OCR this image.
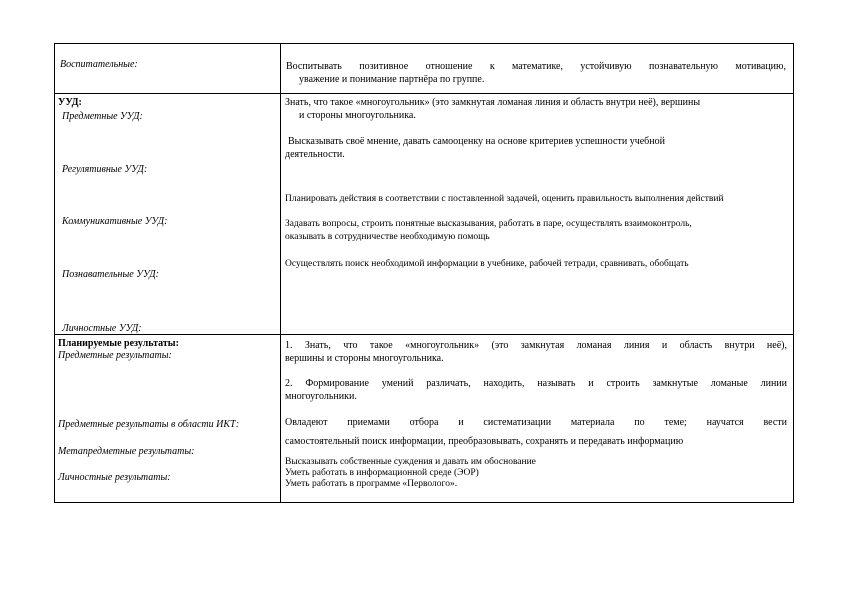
Воспитательные:	Воспитывать позитивное отношение к математике, устойчивую познавательную мотивацию,
уважение и понимание партнёра по группе.
УУД:
Предметные УУД:
Регулятивные УУД:
Коммуникативные УУД:
Познавательные УУД:
Личностные УУД:
Знать, что такое «многоугольник» (это замкнутая ломаная линия и область внутри неё), вершины
и стороны многоугольника.
Высказывать своё мнение, давать самооценку на основе критериев успешности учебной
деятельности.
Планировать действия в соответствии с поставленной задачей, оценить правильность выполнения действий
Задавать вопросы, строить понятные высказывания, работать в паре, осуществлять взаимоконтроль,
оказывать в сотрудничестве необходимую помощь
Осуществлять поиск необходимой информации в учебнике, рабочей тетради, сравнивать, обобщать
Планируемые результаты:
Предметные результаты:
Предметные результаты в области ИКТ:
Метапредметные результаты:
Личностные результаты:
1. Знать, что такое «многоугольник» (это замкнутая ломаная линия и область внутри неё),
вершины и стороны многоугольника.
2. Формирование умений различать, находить, называть и строить замкнутые ломаные линии
многоугольники.
Овладеют приемами отбора и систематизации материала по теме; научатся вести
самостоятельный поиск информации, преобразовывать, сохранять и передавать информацию
Высказывать собственные суждения и давать им обоснование
Уметь работать в информационной среде (ЭОР)
Уметь работать в программе «Перволого».
